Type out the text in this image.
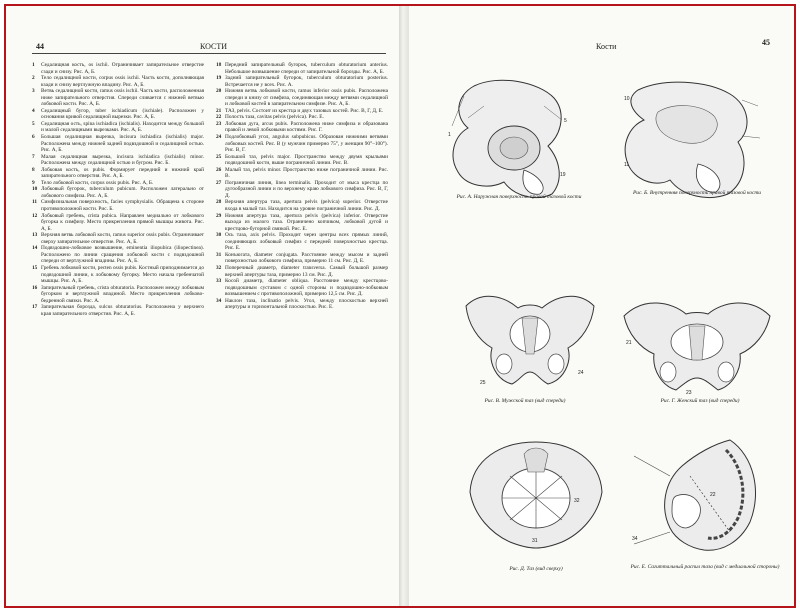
44	КОСТИ
1	Седалищная кость, os ischii. Ограничивает запирательное отверстие сзади и снизу. Рис. А, Б.
2	Тело седалищной кости, corpus ossis ischii. Часть кости, дополняющая кзади и снизу вертлужную впадину. Рис. А, Б.
3	Ветвь седалищной кости, ramus ossis ischii. Часть кости, расположенная ниже запирательного отверстия. Спереди сливается с нижней ветвью лобковой кости. Рис. А, Б.
4	Седалищный бугор, tuber ischiadicum (ischiale). Расположен у основания кривой седалищной вырезки. Рис. А, Б.
5	Седалищная ость, spina ischiadica (ischialis). Находится между большой и малой седалищными вырезками. Рис. А, Б.
6	Большая седалищная вырезка, incisura ischiadica (ischialis) major. Расположена между нижней задней подвздошной и седалищной остью. Рис. А, Б.
7	Малая седалищная вырезка, incisura ischiadica (ischialis) minor. Расположена между седалищной остью и бугром. Рис. Б.
8	Лобковая кость, os pubis. Формирует передний и нижний край запирательного отверстия. Рис. А, Б.
9	Тело лобковой кости, corpus ossis pubis. Рис. А, Б.
10 Лобковый бугорок, tuberculum pubicum. Расположен латерально от лобкового симфиза. Рис. А, Б.
11 Симфизиальная поверхность, facies symphysialis. Обращена к стороне противоположной кости. Рис. Б.
12 Лобковый гребень, crista pubica. Направлен медиально от лобкового бугорка к симфизу. Место прикрепления прямой мышцы живота. Рис. А, Б.
13 Верхняя ветвь лобковой кости, ramus superior ossis pubis. Ограничивает сверху запирательное отверстие. Рис. А, Б.
14 Подвздошно-лобковое возвышение, eminentia iliopubica (iliopectinea). Расположено по линии сращения лобковой кости с подвздошной спереди от вертлужной впадины. Рис. А, Б.
15 Гребень лобковой кости, pecten ossis pubis. Костный приподнимается до подвздошной линии, к лобковому бугорку. Место начала гребенчатой мышцы. Рис. А, Б.
16 Запирательный гребень, crista obturatoria. Расположен между лобковым бугорком и вертлужной впадиной. Место прикрепления лобково-бедренной связки. Рис. А.
17 Запирательная борозда, sulcus obturatorius. Расположена у верхнего края запирательного отверстия. Рис. А, Б.
18 Передний запирательный бугорок, tuberculum obturatorium anterius. Небольшое возвышение спереди от запирательной борозды. Рис. А, Б.
19 Задний запирательный бугорок, tuberculum obturatorium posterius. Встречается не у всех. Рис. А.
20 Нижняя ветвь лобковой кости, ramus inferior ossis pubis. Расположена спереди и книзу от симфиза, соединяющая между ветвями седалищной и лобковой костей в запирательном симфизе. Рис. А, Б.
21 ТАЗ, pelvis. Состоит из крестца и двух тазовых костей. Рис. В, Г, Д, Е.
22 Полость таза, cavitas pelvis (pelvica). Рис. Е.
23 Лобковая дуга, arcus pubis. Расположена ниже симфиза и образована правой и левой лобковыми костями. Рис. Г.
24 Подлобковый угол, angulus subpubicus. Образован нижними ветвями лобковых костей. Рис. В (у мужчин примерно 75°, у женщин 90°–100°). Рис. В, Г.
25 Большой таз, pelvis major. Пространство между двумя крыльями подвздошной кости, выше пограничной линии. Рис. В.
26 Малый таз, pelvis minor. Пространство ниже пограничной линии. Рис. В.
27 Пограничная линия, linea terminalis. Проходит от мыса крестца по дугообразной линии и по верхнему краю лобкового симфиза. Рис. В, Г, Д.
28 Верхняя апертура таза, apertura pelvis (pelvica) superior. Отверстие входа в малый таз. Находится на уровне пограничной линии. Рис. Д.
29 Нижняя апертура таза, apertura pelvis (pelvica) inferior. Отверстие выхода из малого таза. Ограничено копчиком, лобковой дугой и крестцово-бугорной связкой. Рис. Е.
30 Ось таза, axis pelvis. Проходит через центры всех прямых линий, соединяющих лобковый симфиз с передней поверхностью крестца. Рис. Е.
31 Конъюгата, diameter conjugata. Расстояние между мысом и задней поверхностью лобкового симфиза, примерно 11 см. Рис. Д, Е.
32 Поперечный диаметр, diameter transversa. Самый большой размер верхней апертуры таза, примерно 13 см. Рис. Д.
33 Косой диаметр, diameter obliqua. Расстояние между крестцово-подвздошным суставом с одной стороны и подвздошно-лобковым возвышением с противоположной, примерно 12,5 см. Рис. Д.
34 Наклон таза, inclinatio pelvis. Угол, между плоскостью верхней апертуры и горизонтальной плоскостью. Рис. Е.
Кости	45
5
1
19
Рис. А. Наружная поверхность правой тазовой кости
10
11
Рис. Б. Внутренняя поверхность правой тазовой кости
25
24
Рис. В. Мужской таз (вид спереди)
21
23
Рис. Г. Женский таз (вид спереди)
31
32
Рис. Д. Таз (вид сверху)
34
22
Рис. Е. Сагиттальный распил таза (вид с медиальной стороны)
